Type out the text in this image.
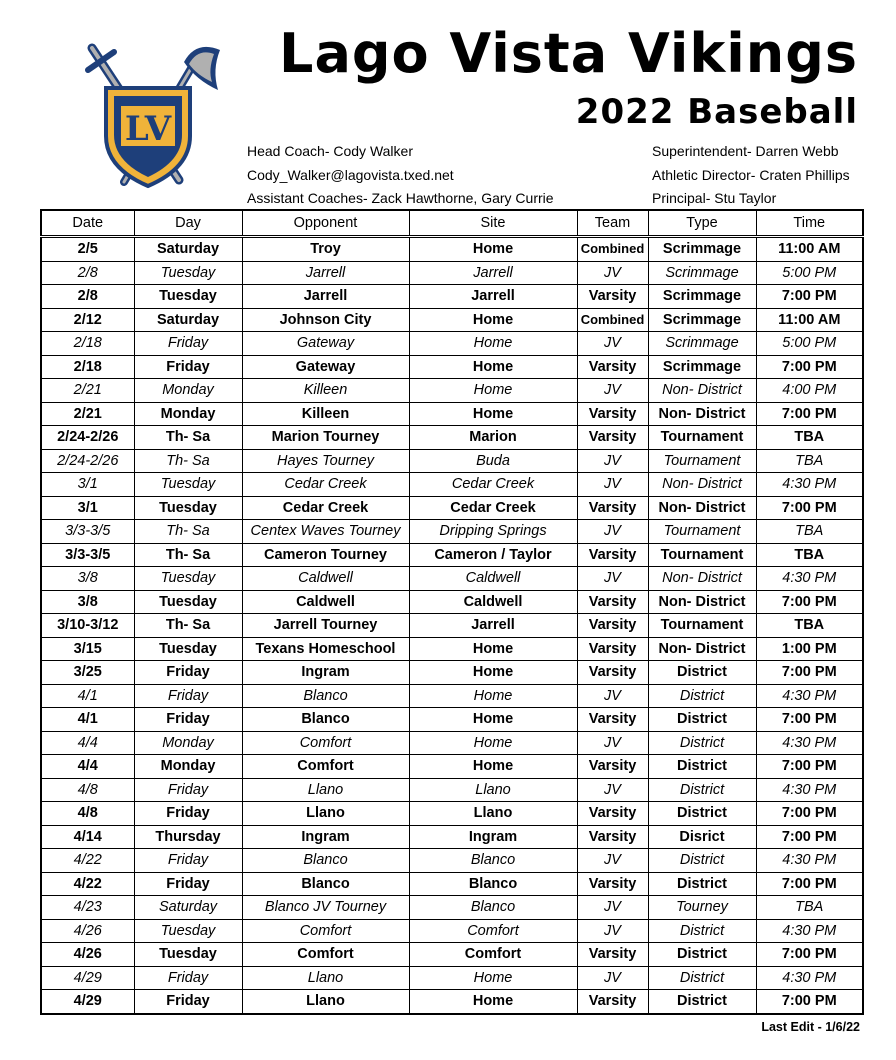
LV
Lago Vista Vikings
2022 Baseball
Head Coach- Cody Walker
Cody_Walker@lagovista.txed.net
Assistant Coaches- Zack Hawthorne, Gary Currie
Superintendent- Darren Webb
Athletic Director- Craten Phillips
Principal- Stu Taylor
Date	Day	Opponent	Site	Team	Type	Time
2/5	Saturday	Troy	Home	Combined	Scrimmage	11:00 AM
2/8	Tuesday	Jarrell	Jarrell	JV	Scrimmage	5:00 PM
2/8	Tuesday	Jarrell	Jarrell	Varsity	Scrimmage	7:00 PM
2/12	Saturday	Johnson City	Home	Combined	Scrimmage	11:00 AM
2/18	Friday	Gateway	Home	JV	Scrimmage	5:00 PM
2/18	Friday	Gateway	Home	Varsity	Scrimmage	7:00 PM
2/21	Monday	Killeen	Home	JV	Non- District	4:00 PM
2/21	Monday	Killeen	Home	Varsity	Non- District	7:00 PM
2/24-2/26	Th- Sa	Marion Tourney	Marion	Varsity	Tournament	TBA
2/24-2/26	Th- Sa	Hayes Tourney	Buda	JV	Tournament	TBA
3/1	Tuesday	Cedar Creek	Cedar Creek	JV	Non- District	4:30 PM
3/1	Tuesday	Cedar Creek	Cedar Creek	Varsity	Non- District	7:00 PM
3/3-3/5	Th- Sa	Centex Waves Tourney	Dripping Springs	JV	Tournament	TBA
3/3-3/5	Th- Sa	Cameron Tourney	Cameron / Taylor	Varsity	Tournament	TBA
3/8	Tuesday	Caldwell	Caldwell	JV	Non- District	4:30 PM
3/8	Tuesday	Caldwell	Caldwell	Varsity	Non- District	7:00 PM
3/10-3/12	Th- Sa	Jarrell Tourney	Jarrell	Varsity	Tournament	TBA
3/15	Tuesday	Texans Homeschool	Home	Varsity	Non- District	1:00 PM
3/25	Friday	Ingram	Home	Varsity	District	7:00 PM
4/1	Friday	Blanco	Home	JV	District	4:30 PM
4/1	Friday	Blanco	Home	Varsity	District	7:00 PM
4/4	Monday	Comfort	Home	JV	District	4:30 PM
4/4	Monday	Comfort	Home	Varsity	District	7:00 PM
4/8	Friday	Llano	Llano	JV	District	4:30 PM
4/8	Friday	Llano	Llano	Varsity	District	7:00 PM
4/14	Thursday	Ingram	Ingram	Varsity	Disrict	7:00 PM
4/22	Friday	Blanco	Blanco	JV	District	4:30 PM
4/22	Friday	Blanco	Blanco	Varsity	District	7:00 PM
4/23	Saturday	Blanco JV Tourney	Blanco	JV	Tourney	TBA
4/26	Tuesday	Comfort	Comfort	JV	District	4:30 PM
4/26	Tuesday	Comfort	Comfort	Varsity	District	7:00 PM
4/29	Friday	Llano	Home	JV	District	4:30 PM
4/29	Friday	Llano	Home	Varsity	District	7:00 PM
Last Edit - 1/6/22
